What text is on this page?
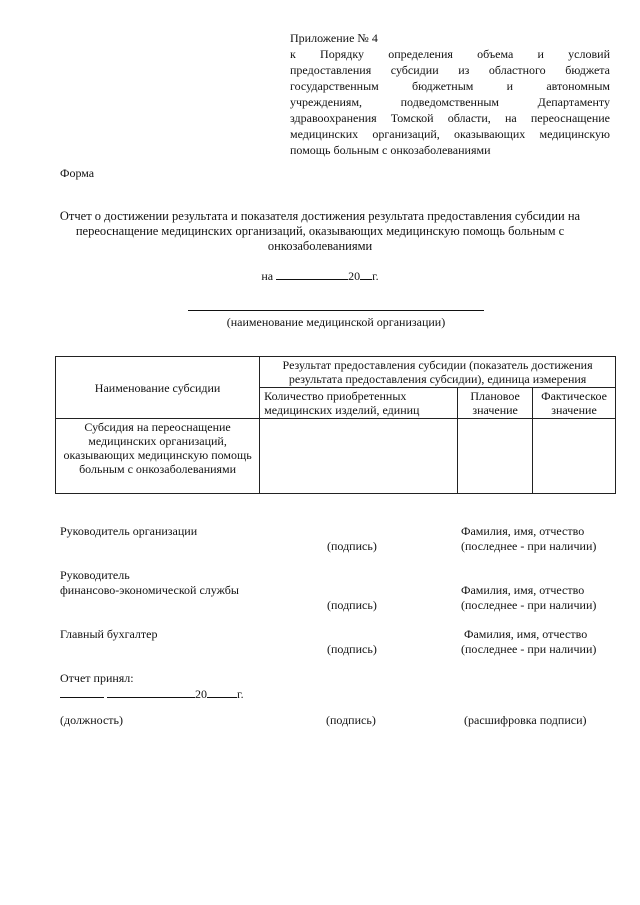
Приложение № 4
к Порядку определения объема и условий
предоставления субсидии из областного бюджета
государственным бюджетным и автономным
учреждениям, подведомственным Департаменту
здравоохранения Томской области, на переоснащение
медицинских организаций, оказывающих медицинскую
помощь больным с онкозаболеваниями
Форма
Отчет о достижении результата и показателя достижения результата предоставления субсидии на переоснащение медицинских организаций, оказывающих медицинскую помощь больным с онкозаболеваниями
на	20 г.
(наименование медицинской организации)
Наименование субсидии	Результат предоставления субсидии (показатель достижения результата предоставления субсидии), единица измерения		
	Количество приобретенных медицинских изделий, единиц	Плановое значение	Фактическое значение
Субсидия на переоснащение медицинских организаций, оказывающих медицинскую помощь больным с онкозаболеваниями			
Руководитель организации
(подпись)
Фамилия, имя, отчество
(последнее - при наличии)
Руководитель
финансово-экономической службы
(подпись)
Фамилия, имя, отчество
(последнее - при наличии)
Главный бухгалтер
(подпись)
Фамилия, имя, отчество
(последнее - при наличии)
Отчет принял:
20	г.
(должность)	(подпись)	(расшифровка подписи)
